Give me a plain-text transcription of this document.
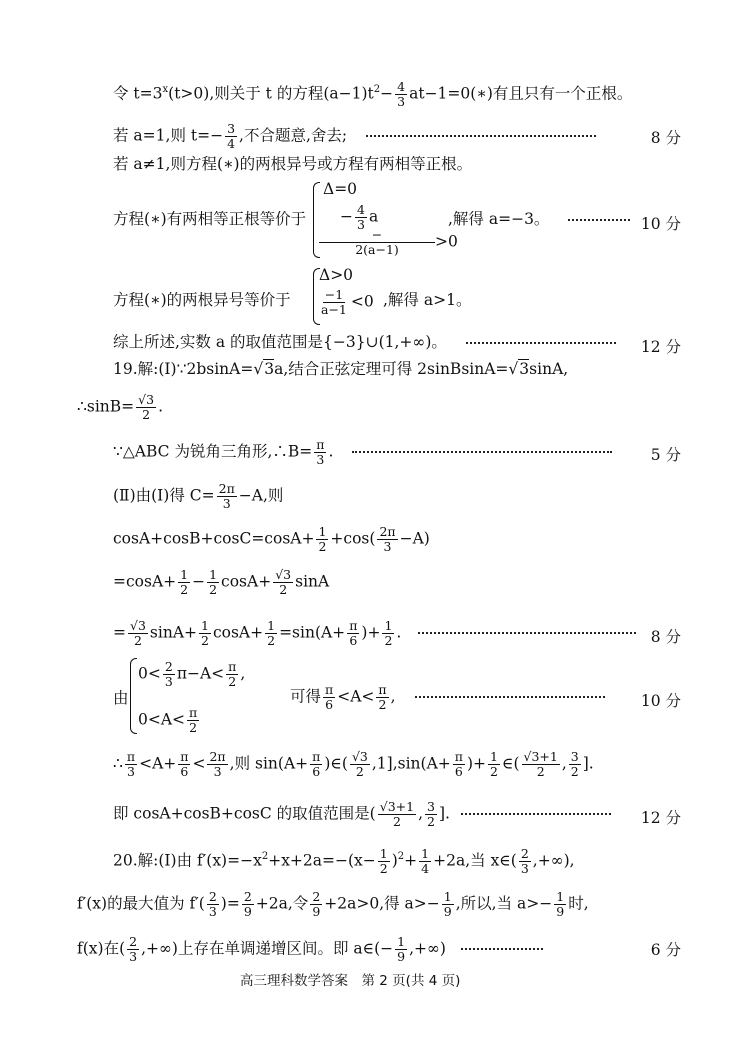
令 $t=3^x(t>0)$,则关于 t 的方程$(a-1)t^2- \frac{4}{3}$ at−1=0(∗)有且只有一个正根。
若 a=1,则 $t=- \frac{3}{4}$ ,不合题意,舍去;	8 分
若 a≠1,则方程(∗)的两根异号或方程有两相等正根。
方程(∗)有两相等正根等价于
Δ=0
− $\frac{4}{3}$ a
$\frac{-}{2(a-1)} >0$
,解得 a=−3。	10 分
方程(∗)的两根异号等价于
Δ>0
$\frac{-1}{a-1} <0$ ,解得 a>1。
综上所述,实数 a 的取值范围是{−3}∪(1,+∞)。	12 分
19.解:(Ⅰ)∵2bsinA=√3a,结合正弦定理可得 2sinBsinA=√3sinA,
∴sinB= $\frac{√3}{2}$ .
∵△ABC 为锐角三角形,∴B= $\frac{\pi}{3}$ .	5 分
(Ⅱ)由(Ⅰ)得 $C= \frac{2\pi}{3} -A$,则
$\cos A+\cos B+\cos C=\cos A+ \frac{1}{2} +\cos( \frac{2\pi}{3} -A)$
$=\cos A+ \frac{1}{2} - \frac{1}{2} \cos A+ \frac{√3}{2}$ sinA
= $\frac{√3}{2} \sin A+ \frac{1}{2} \cos A+ \frac{1}{2} =\sin(A+ \frac{\pi}{6}$ )+ $\frac{1}{2}$ .	8 分
由
$0< \frac{2}{3} \pi-A< \frac{\pi}{2}$ ,
$0<A< \frac{\pi}{2}$
可得 $\frac{\pi}{6} <A< \frac{\pi}{2}$ ,	10 分
∴ $\frac{\pi}{3} <A+ \frac{\pi}{6} < \frac{2\pi}{3}$ ,则 $\sin(A+ \frac{\pi}{6}$ )∈( $\frac{√3}{2} ,1],\sin(A+ \frac{\pi}{6}$ )+ $\frac{1}{2}$ ∈( $\frac{√3+1}{2}$ , $\frac{3}{2}$ ].
即 cosA+cosB+cosC 的取值范围是( $\frac{√3+1}{2}$ , $\frac{3}{2}$ ].	12 分
20.解:(Ⅰ)由 $f'(x)=-x^2+x+2a=-(x- \frac{1}{2} )^2+ \frac{1}{4} +2a$,当 x∈( $\frac{2}{3}$ ,+∞),
f′(x)的最大值为 $f'( \frac{2}{3}$ )= $\frac{2}{9} +2a$,令 $\frac{2}{9} +2a>0$,得 $a>- \frac{1}{9}$ ,所以,当 $a>- \frac{1}{9}$ 时,
f(x)在( $\frac{2}{3}$ ,+∞)上存在单调递增区间。即 a∈(− $\frac{1}{9}$ ,+∞)	6 分
高三理科数学答案　第 2 页(共 4 页)
